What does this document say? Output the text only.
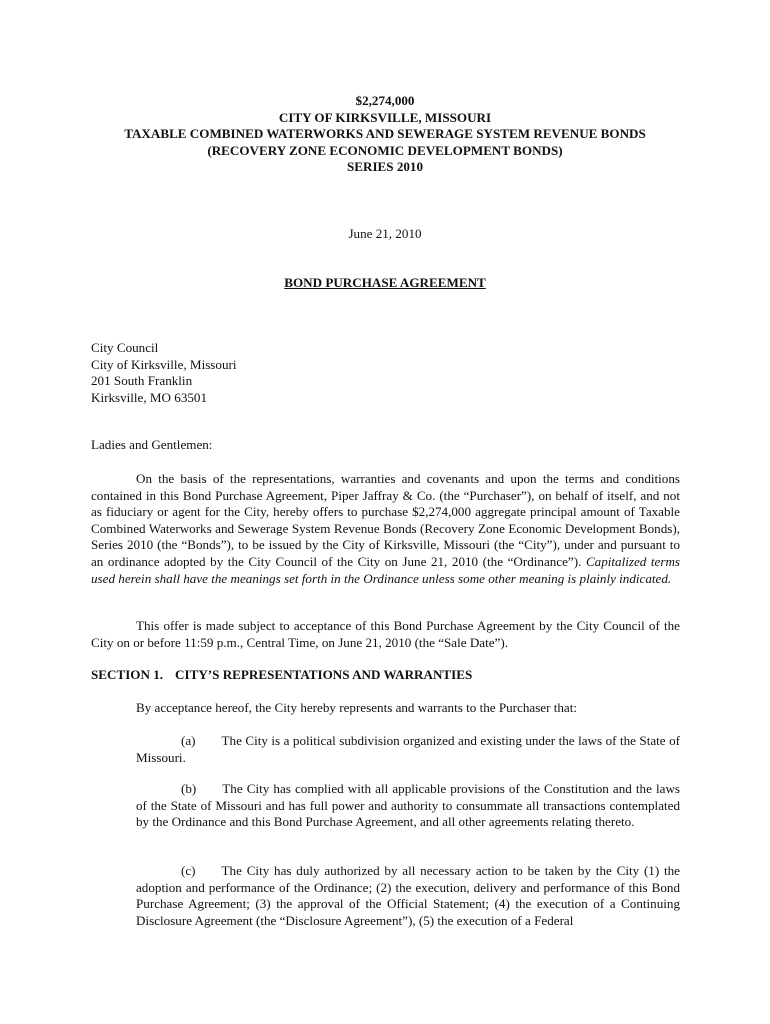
$2,274,000
CITY OF KIRKSVILLE, MISSOURI
TAXABLE COMBINED WATERWORKS AND SEWERAGE SYSTEM REVENUE BONDS
(RECOVERY ZONE ECONOMIC DEVELOPMENT BONDS)
SERIES 2010
June 21, 2010
BOND PURCHASE AGREEMENT
City Council
City of Kirksville, Missouri
201 South Franklin
Kirksville, MO 63501
Ladies and Gentlemen:

On the basis of the representations, warranties and covenants and upon the terms and conditions contained in this Bond Purchase Agreement, Piper Jaffray & Co. (the “Purchaser”), on behalf of itself, and not as fiduciary or agent for the City, hereby offers to purchase $2,274,000 aggregate principal amount of Taxable Combined Waterworks and Sewerage System Revenue Bonds (Recovery Zone Economic Development Bonds), Series 2010 (the “Bonds”), to be issued by the City of Kirksville, Missouri (the “City”), under and pursuant to an ordinance adopted by the City Council of the City on June 21, 2010 (the “Ordinance”). Capitalized terms used herein shall have the meanings set forth in the Ordinance unless some other meaning is plainly indicated.

This offer is made subject to acceptance of this Bond Purchase Agreement by the City Council of the City on or before 11:59 p.m., Central Time, on June 21, 2010 (the “Sale Date”).

SECTION 1. CITY’S REPRESENTATIONS AND WARRANTIES

By acceptance hereof, the City hereby represents and warrants to the Purchaser that:

(a) The City is a political subdivision organized and existing under the laws of the State of Missouri.

(b) The City has complied with all applicable provisions of the Constitution and the laws of the State of Missouri and has full power and authority to consummate all transactions contemplated by the Ordinance and this Bond Purchase Agreement, and all other agreements relating thereto.

(c) The City has duly authorized by all necessary action to be taken by the City (1) the adoption and performance of the Ordinance; (2) the execution, delivery and performance of this Bond Purchase Agreement; (3) the approval of the Official Statement; (4) the execution of a Continuing Disclosure Agreement (the “Disclosure Agreement”), (5) the execution of a Federal
